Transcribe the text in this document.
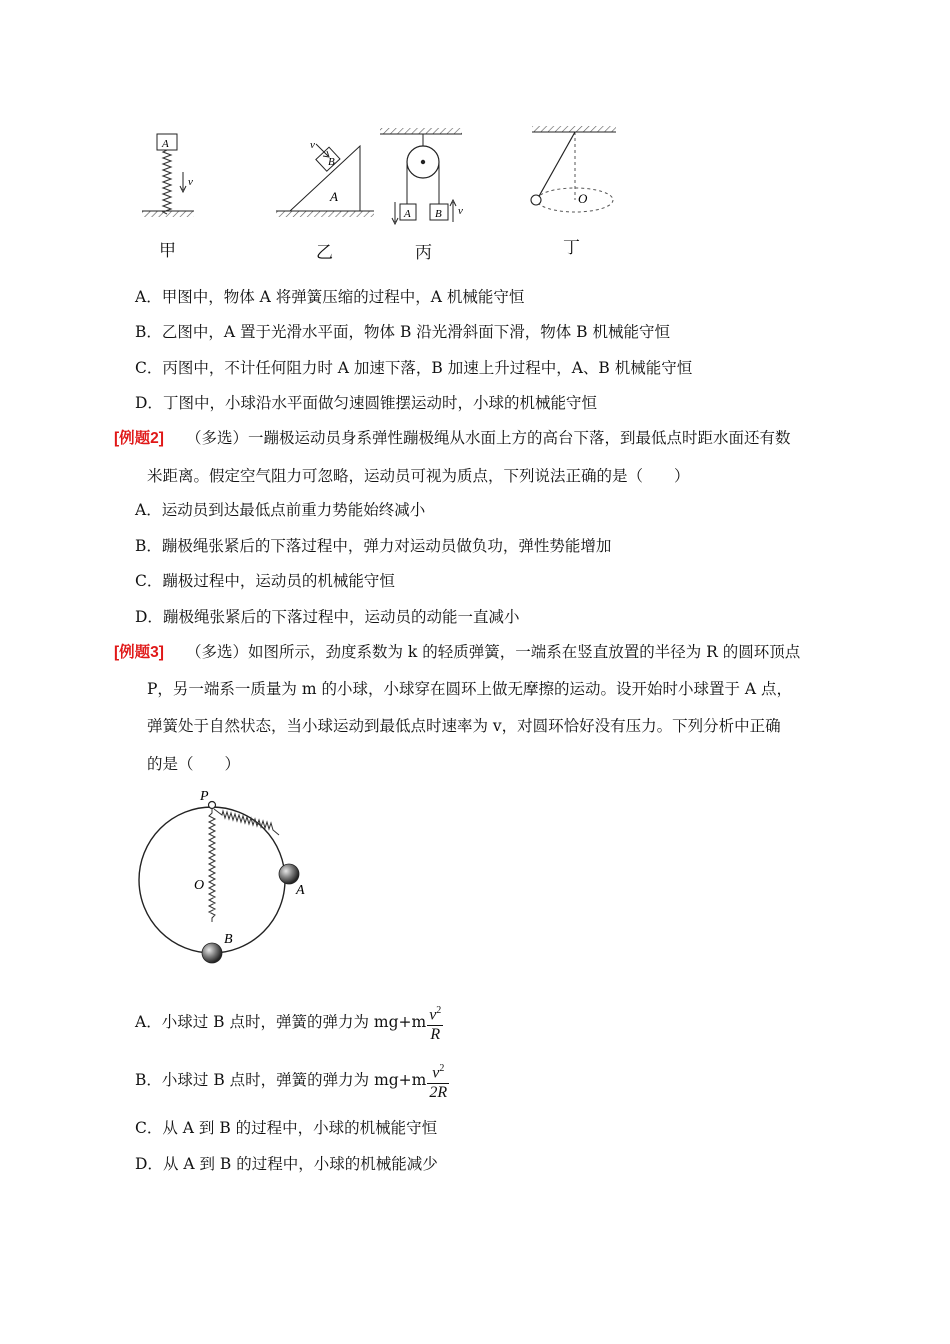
A
v
A
B
v
A B v
O
甲	乙	丙	丁
A．甲图中，物体 A 将弹簧压缩的过程中，A 机械能守恒
B．乙图中，A 置于光滑水平面，物体 B 沿光滑斜面下滑，物体 B 机械能守恒
C．丙图中，不计任何阻力时 A 加速下落，B 加速上升过程中，A、B 机械能守恒
D．丁图中，小球沿水平面做匀速圆锥摆运动时，小球的机械能守恒
[例题2] （多选）一蹦极运动员身系弹性蹦极绳从水面上方的高台下落，到最低点时距水面还有数
米距离。假定空气阻力可忽略，运动员可视为质点，下列说法正确的是（　　）
A．运动员到达最低点前重力势能始终减小
B．蹦极绳张紧后的下落过程中，弹力对运动员做负功，弹性势能增加
C．蹦极过程中，运动员的机械能守恒
D．蹦极绳张紧后的下落过程中，运动员的动能一直减小
[例题3] （多选）如图所示，劲度系数为 k 的轻质弹簧，一端系在竖直放置的半径为 R 的圆环顶点
P，另一端系一质量为 m 的小球，小球穿在圆环上做无摩擦的运动。设开始时小球置于 A 点，
弹簧处于自然状态，当小球运动到最低点时速率为 v，对圆环恰好没有压力。下列分析中正确
的是（　　）
P
O	A
B
A．小球过 B 点时，弹簧的弹力为 $mg+m \frac{v^2}{R}$
B．小球过 B 点时，弹簧的弹力为 $mg+m \frac{v^2}{2R}$
C．从 A 到 B 的过程中，小球的机械能守恒
D．从 A 到 B 的过程中，小球的机械能减少
